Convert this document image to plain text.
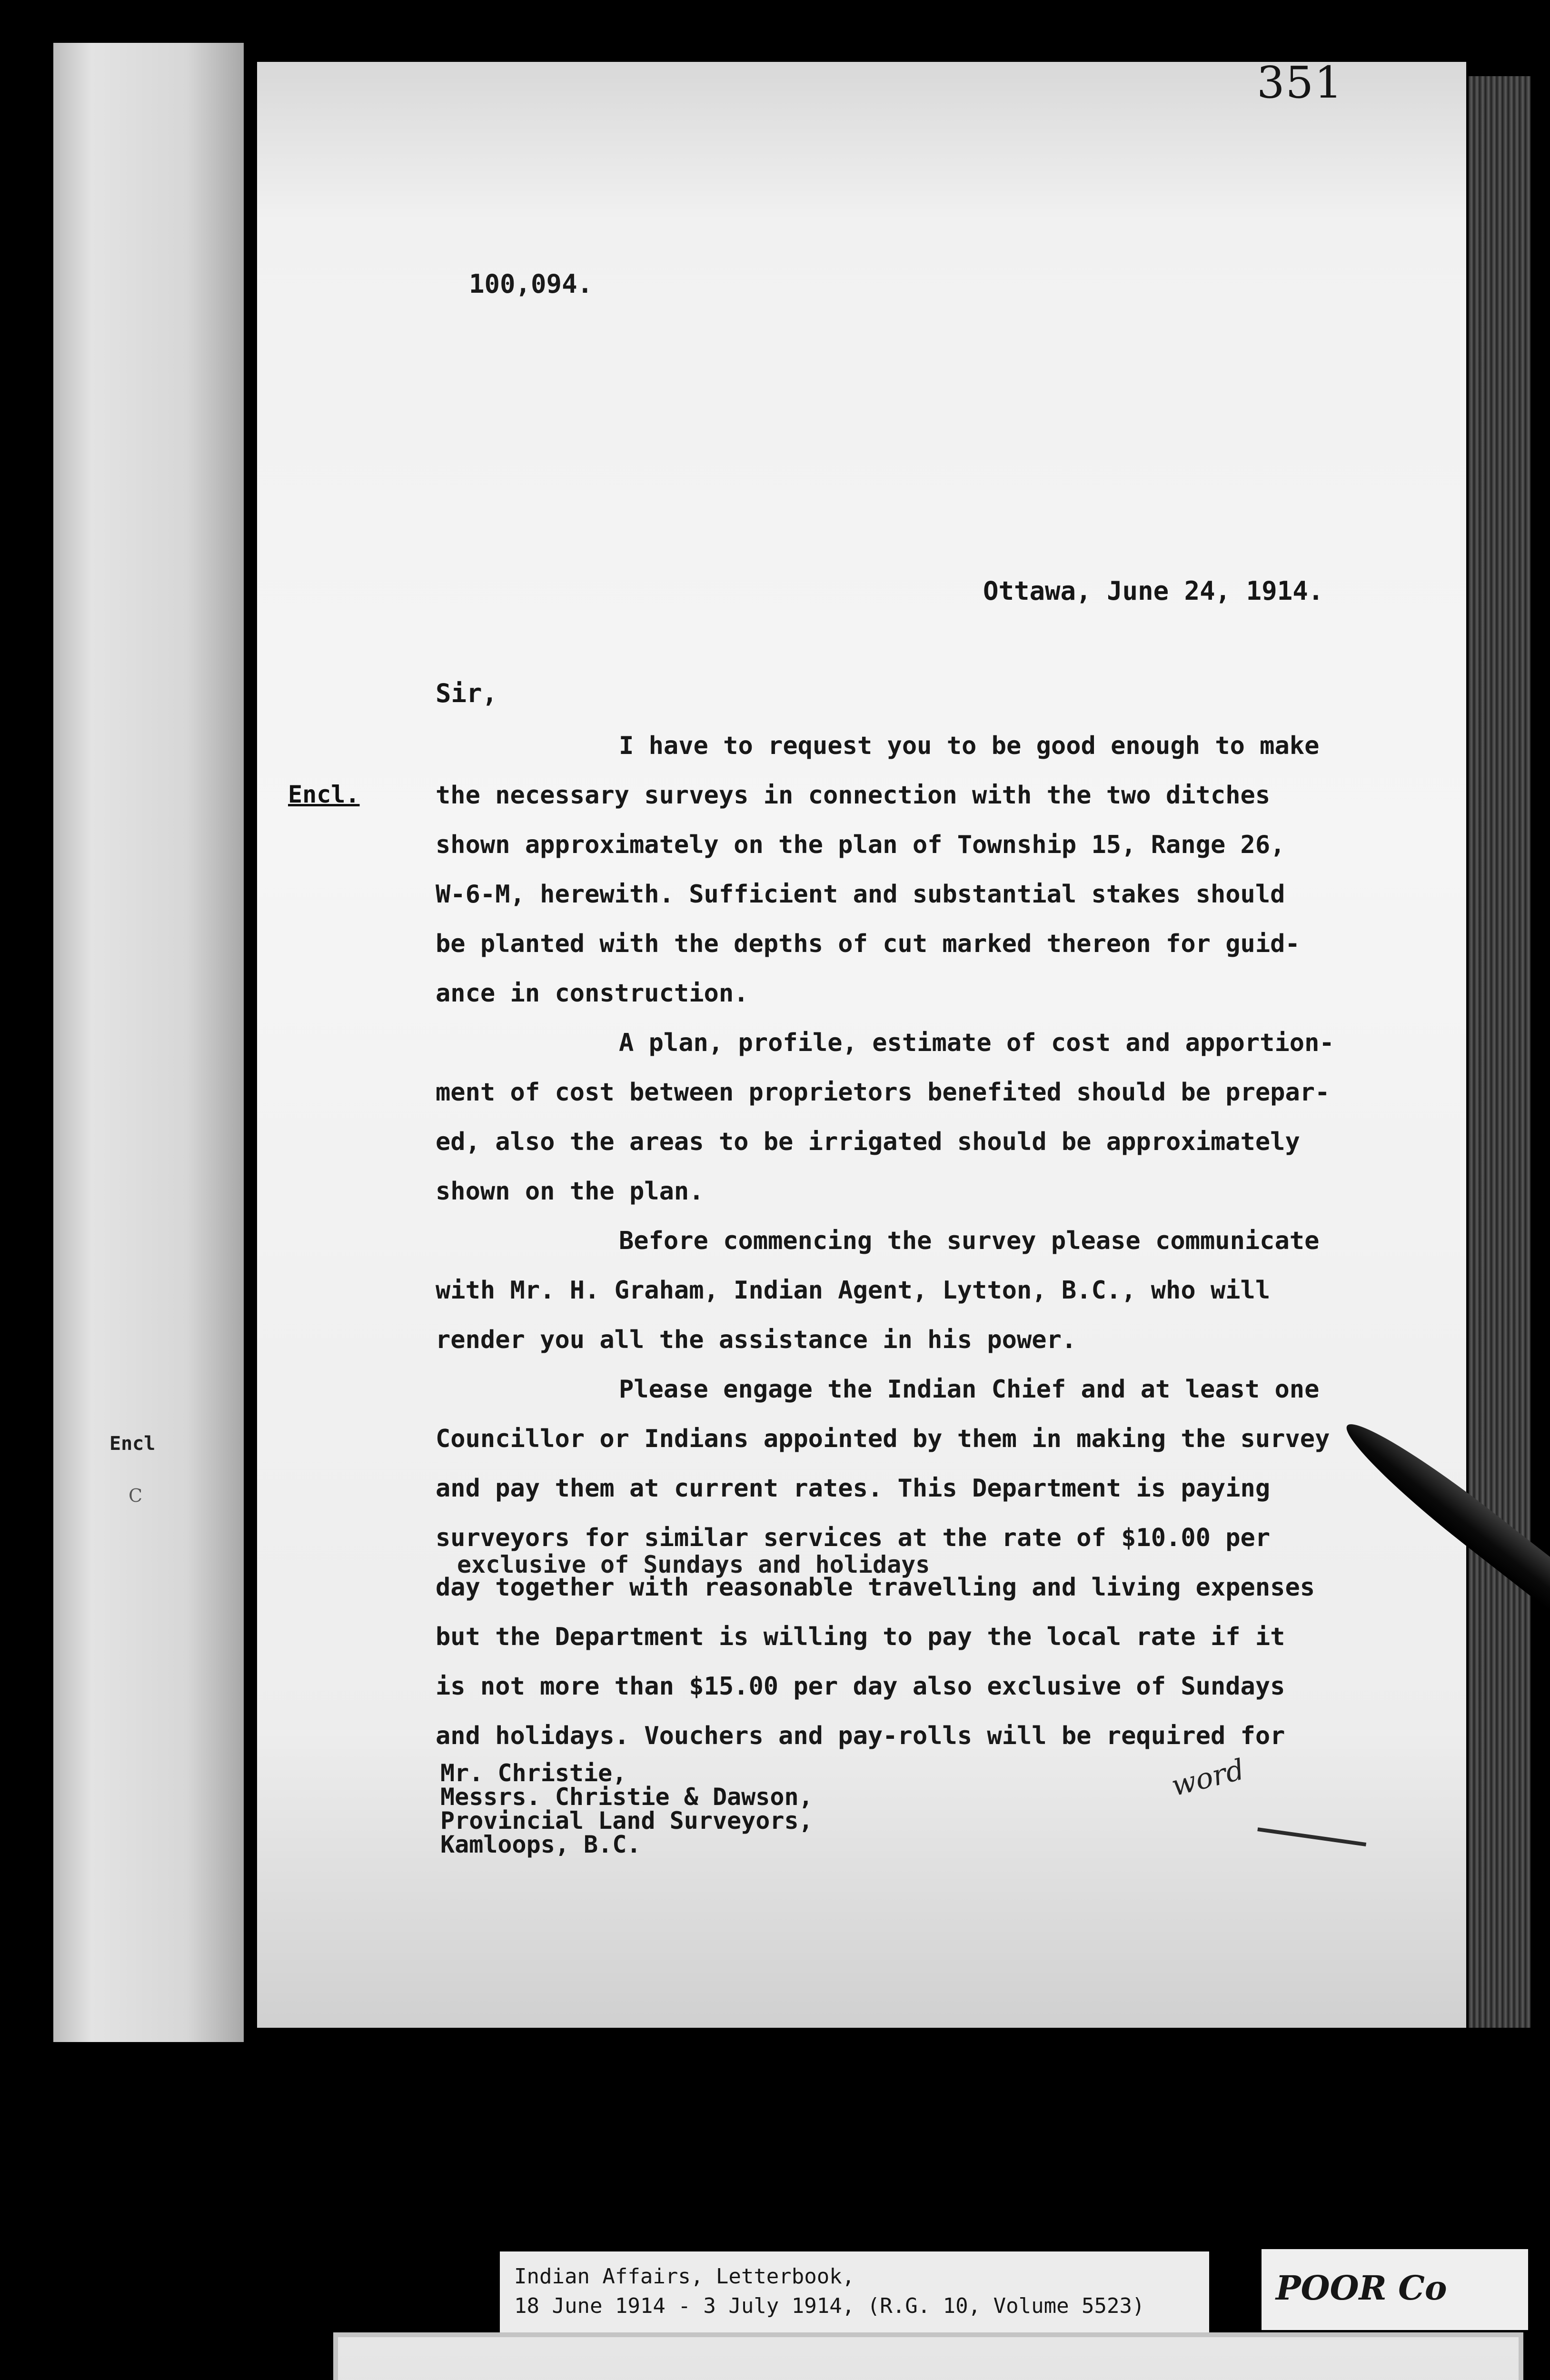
Encl
C
351
100,094.
Ottawa, June 24, 1914.
Sir,
Encl.

I have to request you to be good enough to make
the necessary surveys in connection with the two ditches
shown approximately on the plan of Township 15, Range 26,
W-6-M, herewith. Sufficient and substantial stakes should
be planted with the depths of cut marked thereon for guid-
ance in construction.

A plan, profile, estimate of cost and apportion-
ment of cost between proprietors benefited should be prepar-
ed, also the areas to be irrigated should be approximately
shown on the plan.

Before commencing the survey please communicate
with Mr. H. Graham, Indian Agent, Lytton, B.C., who will
render you all the assistance in his power.

Please engage the Indian Chief and at least one
Councillor or Indians appointed by them in making the survey
and pay them at current rates. This Department is paying
surveyors for similar services at the rate of $10.00 per
day together with reasonable travelling and living expenses
but the Department is willing to pay the local rate if it
is not more than $15.00 per day also exclusive of Sundays
and holidays. Vouchers and pay-rolls will be required for

exclusive of Sundays and holidays
Mr. Christie,
Messrs. Christie & Dawson,
Provincial Land Surveyors,
Kamloops, B.C.
word
Indian Affairs, Letterbook,
18 June 1914 - 3 July 1914, (R.G. 10, Volume 5523)	POOR Co
